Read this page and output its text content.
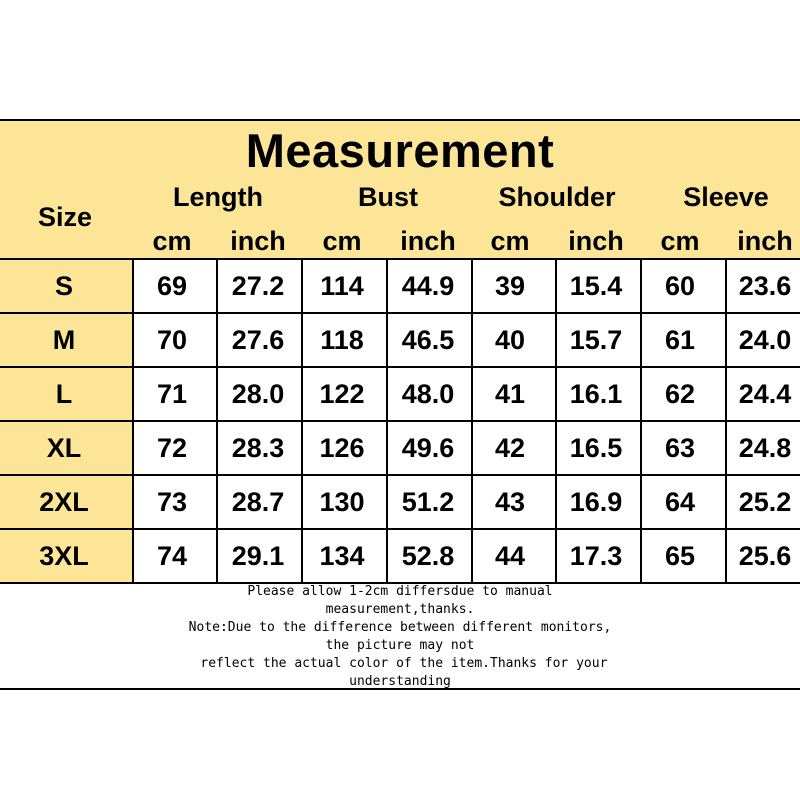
Measurement
Size
Length	Bust	Shoulder	Sleeve
cm	inch	cm	inch	cm	inch	cm	inch
S	69	27.2	114	44.9	39	15.4	60	23.6
M	70	27.6	118	46.5	40	15.7	61	24.0
L	71	28.0	122	48.0	41	16.1	62	24.4
XL	72	28.3	126	49.6	42	16.5	63	24.8
2XL	73	28.7	130	51.2	43	16.9	64	25.2
3XL	74	29.1	134	52.8	44	17.3	65	25.6
Please allow 1-2cm differsdue to manual
measurement,thanks.
Note:Due to the difference between different monitors,
the picture may not
reflect the actual color of the item.Thanks for your
understanding
